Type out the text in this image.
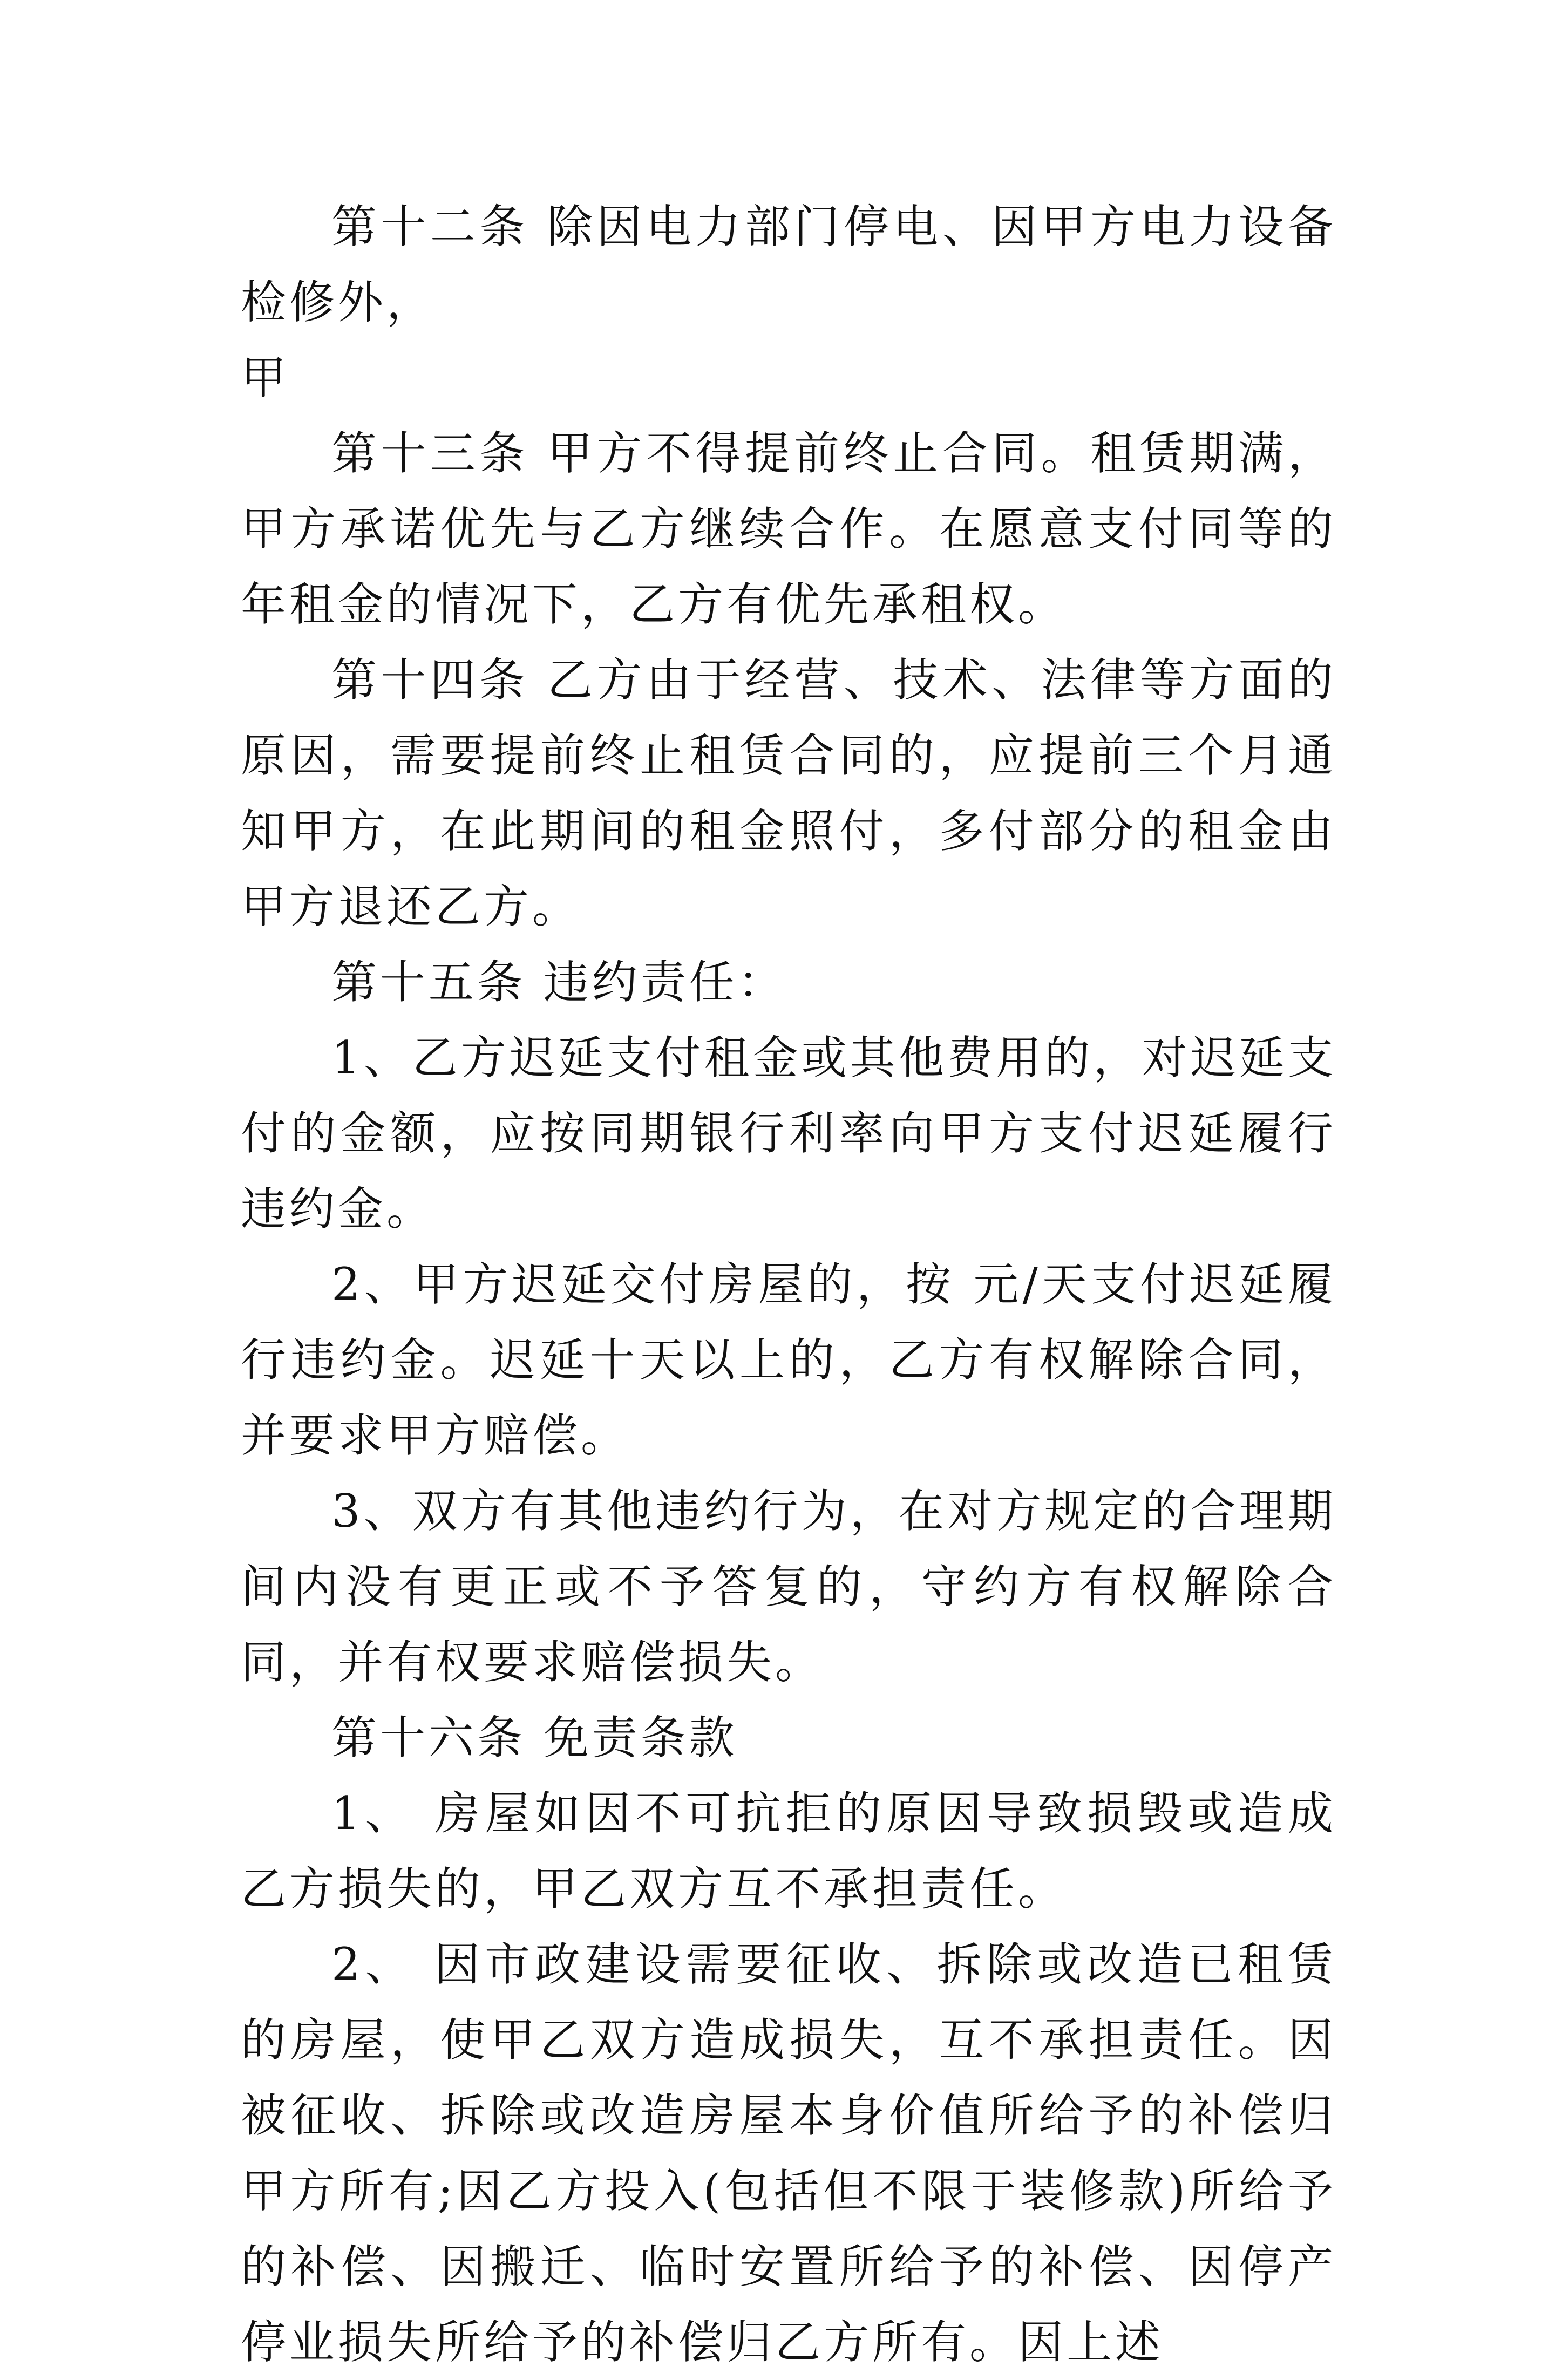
第十二条 除因电力部门停电、因甲方电力设备检修外，

甲

第十三条 甲方不得提前终止合同。租赁期满，甲方承诺优先与乙方继续合作。在愿意支付同等的年租金的情况下，乙方有优先承租权。

第十四条 乙方由于经营、技术、法律等方面的原因，需要提前终止租赁合同的，应提前三个月通知甲方，在此期间的租金照付，多付部分的租金由甲方退还乙方。

第十五条 违约责任：

1、乙方迟延支付租金或其他费用的，对迟延支付的金额，应按同期银行利率向甲方支付迟延履行违约金。

2、甲方迟延交付房屋的，按 元/天支付迟延履行违约金。迟延十天以上的，乙方有权解除合同，并要求甲方赔偿。

3、双方有其他违约行为，在对方规定的合理期间内没有更正或不予答复的，守约方有权解除合同，并有权要求赔偿损失。

第十六条 免责条款

1、 房屋如因不可抗拒的原因导致损毁或造成乙方损失的，甲乙双方互不承担责任。

2、 因市政建设需要征收、拆除或改造已租赁的房屋，使甲乙双方造成损失，互不承担责任。因被征收、拆除或改造房屋本身价值所给予的补偿归甲方所有;因乙方投入(包括但不限于装修款)所给予的补偿、因搬迁、临时安置所给予的补偿、因停产停业损失所给予的补偿归乙方所有。因上述
